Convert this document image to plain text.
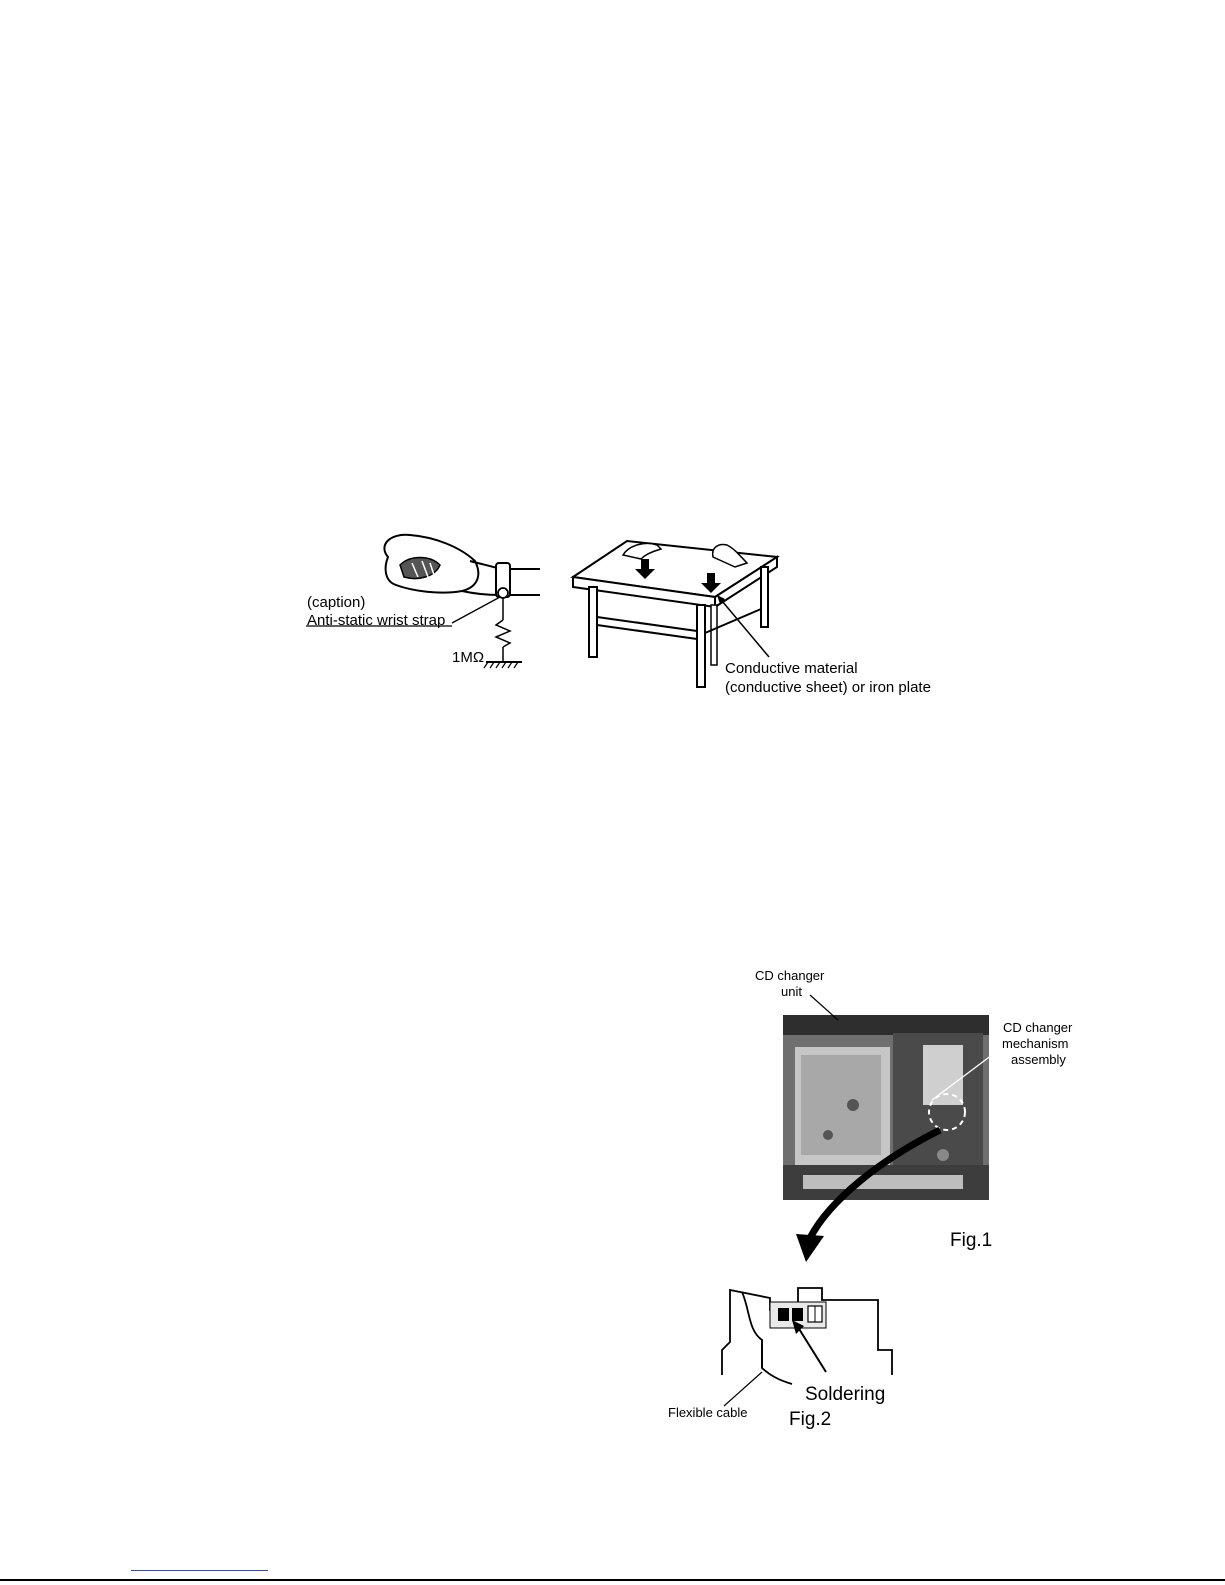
(caption)
Anti-static wrist strap
1MΩ
Conductive material
(conductive sheet) or iron plate
CD changer
unit
CD changer
mechanism
assembly
Fig.1
Soldering
Flexible cable Fig.2
